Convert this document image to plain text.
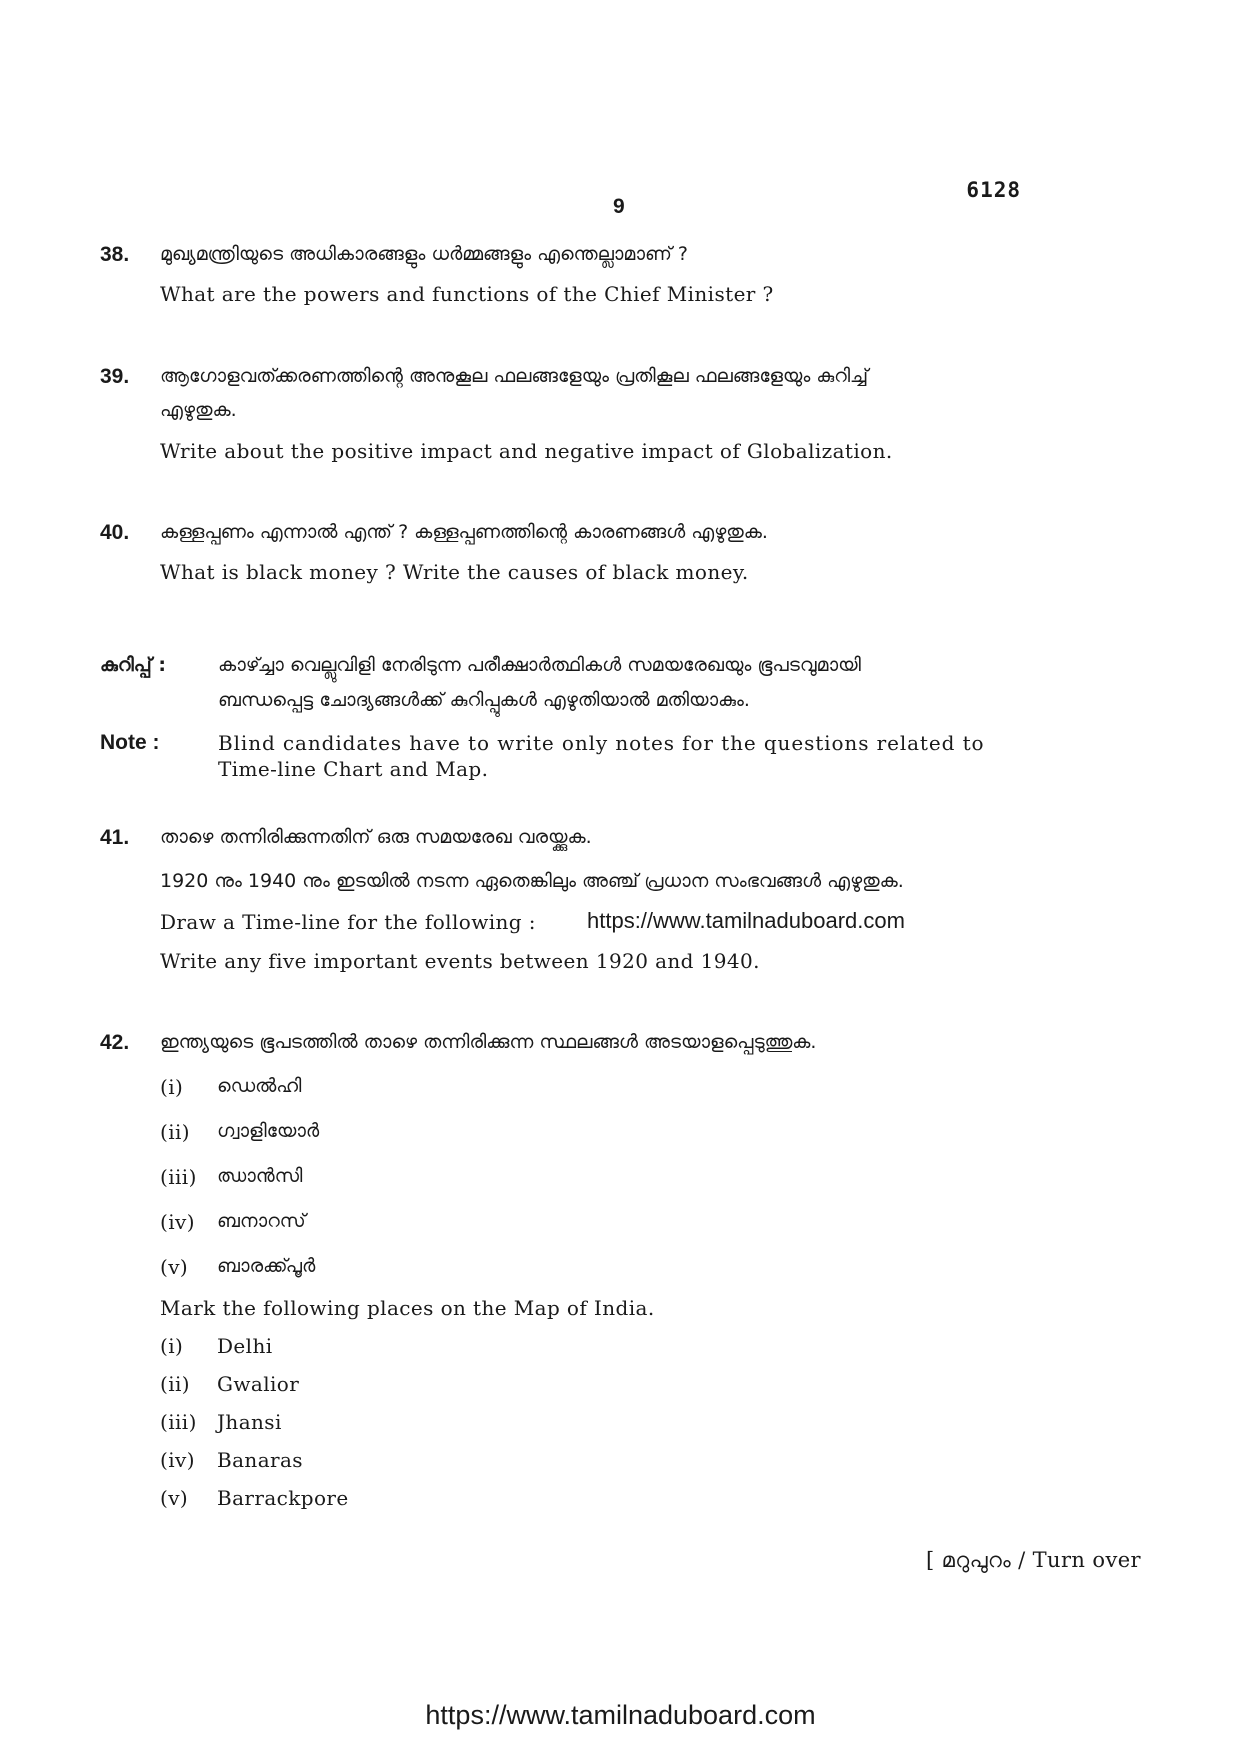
6128
9
38. മുഖ്യമന്ത്രിയുടെ അധികാരങ്ങളും ധർമ്മങ്ങളും എന്തെല്ലാമാണ് ?
What are the powers and functions of the Chief Minister ?
39. ആഗോളവത്ക്കരണത്തിന്റെ അനുകൂല ഫലങ്ങളേയും പ്രതികൂല ഫലങ്ങളേയും കുറിച്ച്
എഴുതുക.
Write about the positive impact and negative impact of Globalization.
40. കള്ളപ്പണം എന്നാൽ എന്ത് ? കള്ളപ്പണത്തിന്റെ കാരണങ്ങൾ എഴുതുക.
What is black money ? Write the causes of black money.
കുറിപ്പ് :	കാഴ്ച്ചാ വെല്ലുവിളി നേരിടുന്ന പരീക്ഷാർത്ഥികൾ സമയരേഖയും ഭൂപടവുമായി
ബന്ധപ്പെട്ട ചോദ്യങ്ങൾക്ക് കുറിപ്പുകൾ എഴുതിയാൽ മതിയാകും.
Note :	Blind candidates have to write only notes for the questions related to
Time-line Chart and Map.
41. താഴെ തന്നിരിക്കുന്നതിന് ഒരു സമയരേഖ വരയ്ക്കുക.
1920 നും 1940 നും ഇടയിൽ നടന്ന ഏതെങ്കിലും അഞ്ച് പ്രധാന സംഭവങ്ങൾ എഴുതുക.
Draw a Time-line for the following : https://www.tamilnaduboard.com
Write any five important events between 1920 and 1940.
42. ഇന്ത്യയുടെ ഭൂപടത്തിൽ താഴെ തന്നിരിക്കുന്ന സ്ഥലങ്ങൾ അടയാളപ്പെടുത്തുക.
(i) ഡെൽഹി
(ii) ഗ്വാളിയോർ
(iii) ഝാൻസി
(iv) ബനാറസ്
(v) ബാരക്ക്പൂർ
Mark the following places on the Map of India.
(i) Delhi
(ii) Gwalior
(iii) Jhansi
(iv) Banaras
(v) Barrackpore
[ മറുപുറം / Turn over
https://www.tamilnaduboard.com
